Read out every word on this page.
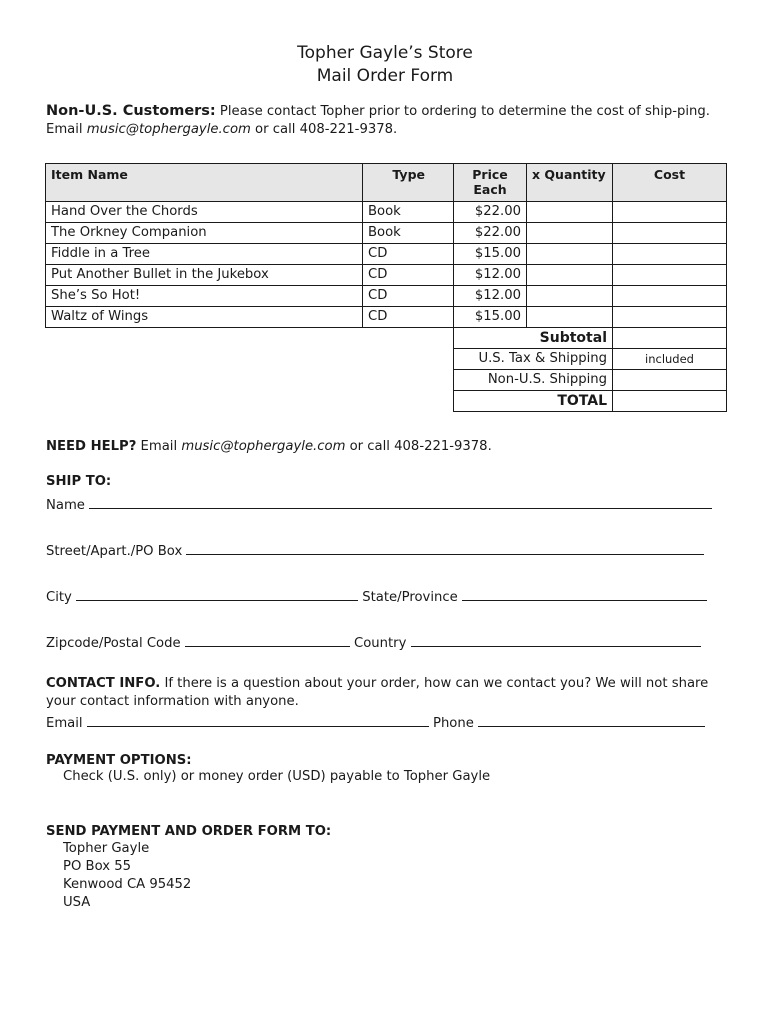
Topher Gayle’s Store
Mail Order Form
Non-U.S. Customers: Please contact Topher prior to ordering to determine the cost of ship-ping. Email music@tophergayle.com or call 408-221-9378.
Item Name	Type	Price Each	x Quantity	Cost
Hand Over the Chords	Book	$22.00		
The Orkney Companion	Book	$22.00		
Fiddle in a Tree	CD	$15.00		
Put Another Bullet in the Jukebox	CD	$12.00		
She’s So Hot!	CD	$12.00		
Waltz of Wings	CD	$15.00		
		Subtotal		
		U.S. Tax & Shipping		included
		Non-U.S. Shipping		
		TOTAL		
NEED HELP? Email music@tophergayle.com or call 408-221-9378.
SHIP TO:
Name
Street/Apart./PO Box
City	State/Province
Zipcode/Postal Code	Country
CONTACT INFO. If there is a question about your order, how can we contact you? We will not share your contact information with anyone.
Email	Phone
PAYMENT OPTIONS:
Check (U.S. only) or money order (USD) payable to Topher Gayle
SEND PAYMENT AND ORDER FORM TO:
Topher Gayle
PO Box 55
Kenwood CA 95452
USA
